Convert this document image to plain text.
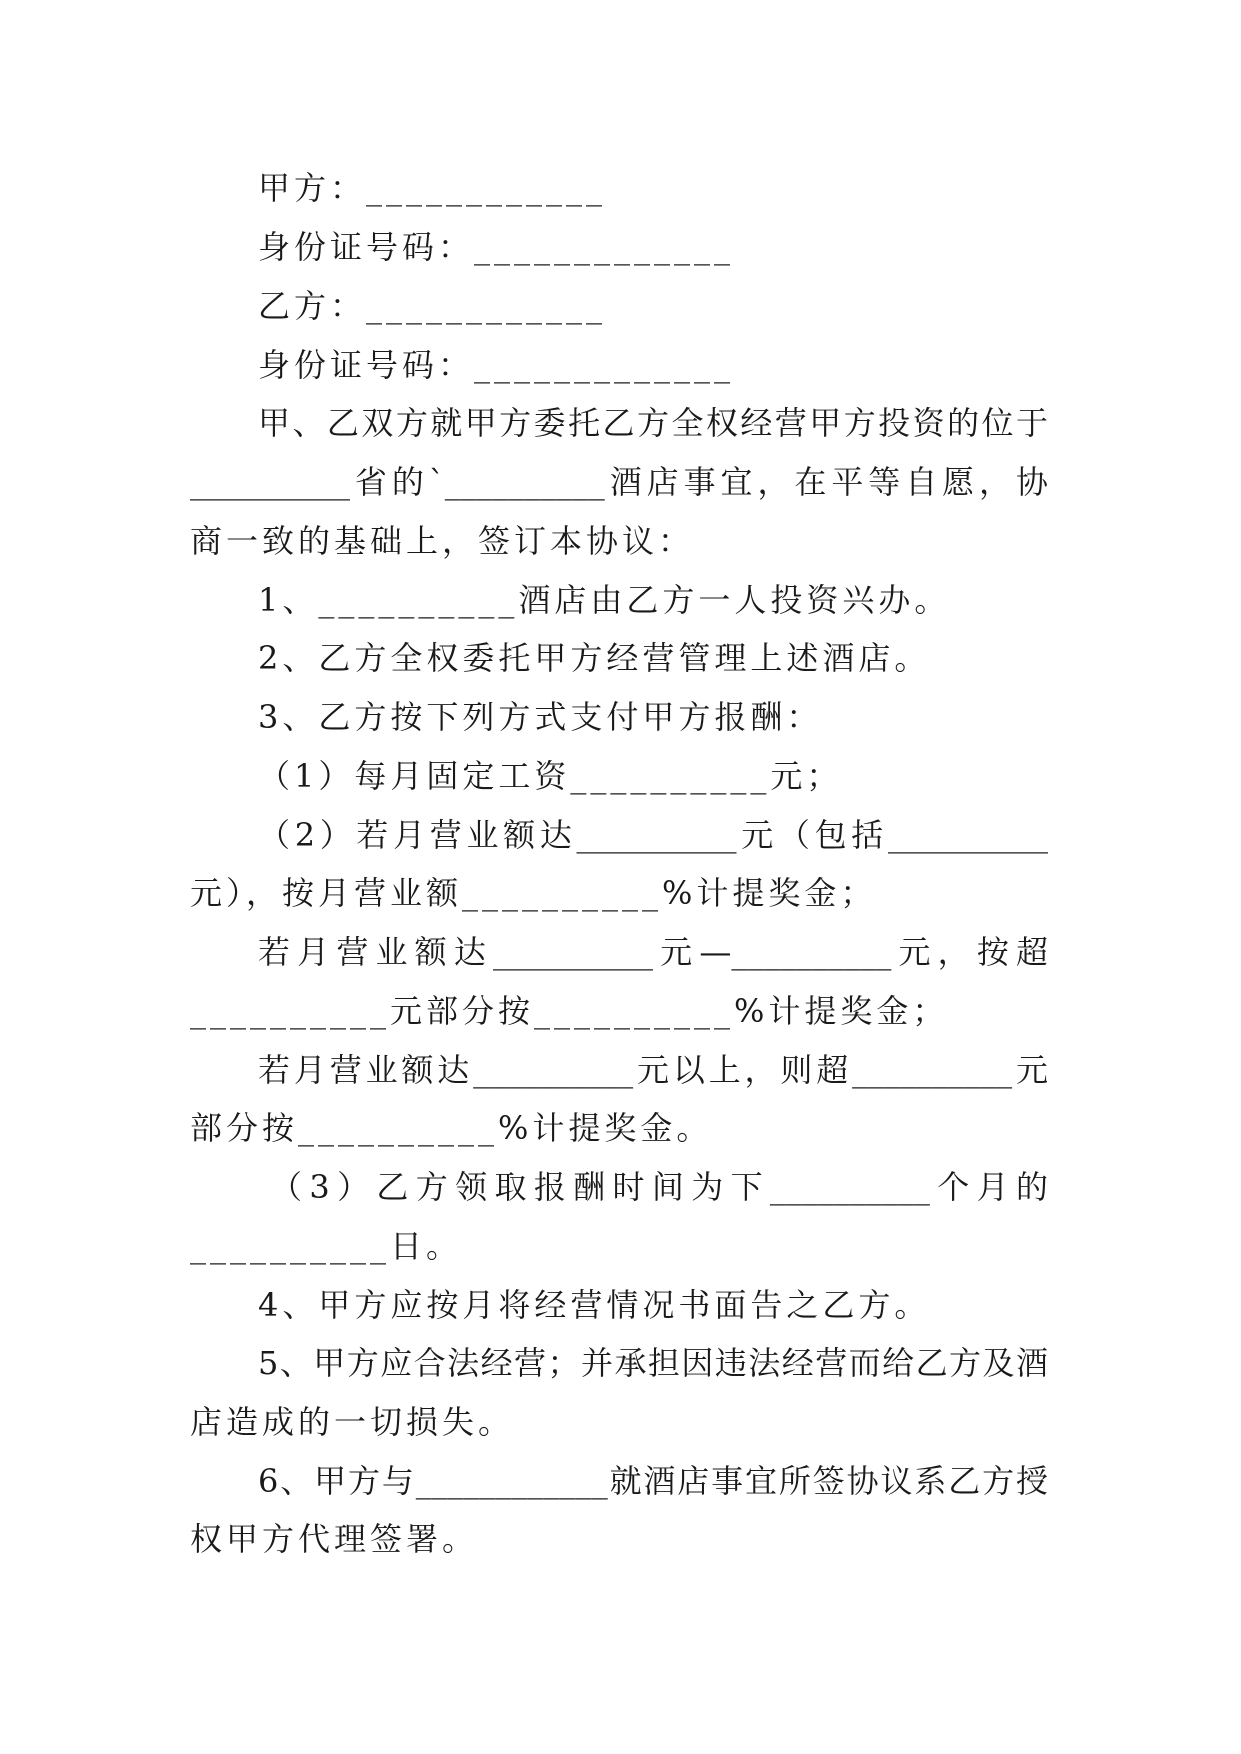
甲方：____________
身份证号码：_____________
乙方：____________
身份证号码：_____________
甲、乙双方就甲方委托乙方全权经营甲方投资的位于
__________省的`__________酒店事宜，在平等自愿，协
商一致的基础上，签订本协议：
1、__________酒店由乙方一人投资兴办。
2、乙方全权委托甲方经营管理上述酒店。
3、乙方按下列方式支付甲方报酬：
（1）每月固定工资__________元；
（2）若月营业额达__________元（包括__________
元），按月营业额__________%计提奖金；
若月营业额达__________元—__________元，按超
__________元部分按__________%计提奖金；
若月营业额达__________元以上，则超__________元
部分按__________%计提奖金。
（3）乙方领取报酬时间为下__________个月的
__________日。
4、甲方应按月将经营情况书面告之乙方。
5、甲方应合法经营；并承担因违法经营而给乙方及酒
店造成的一切损失。
6、甲方与____________就酒店事宜所签协议系乙方授
权甲方代理签署。
